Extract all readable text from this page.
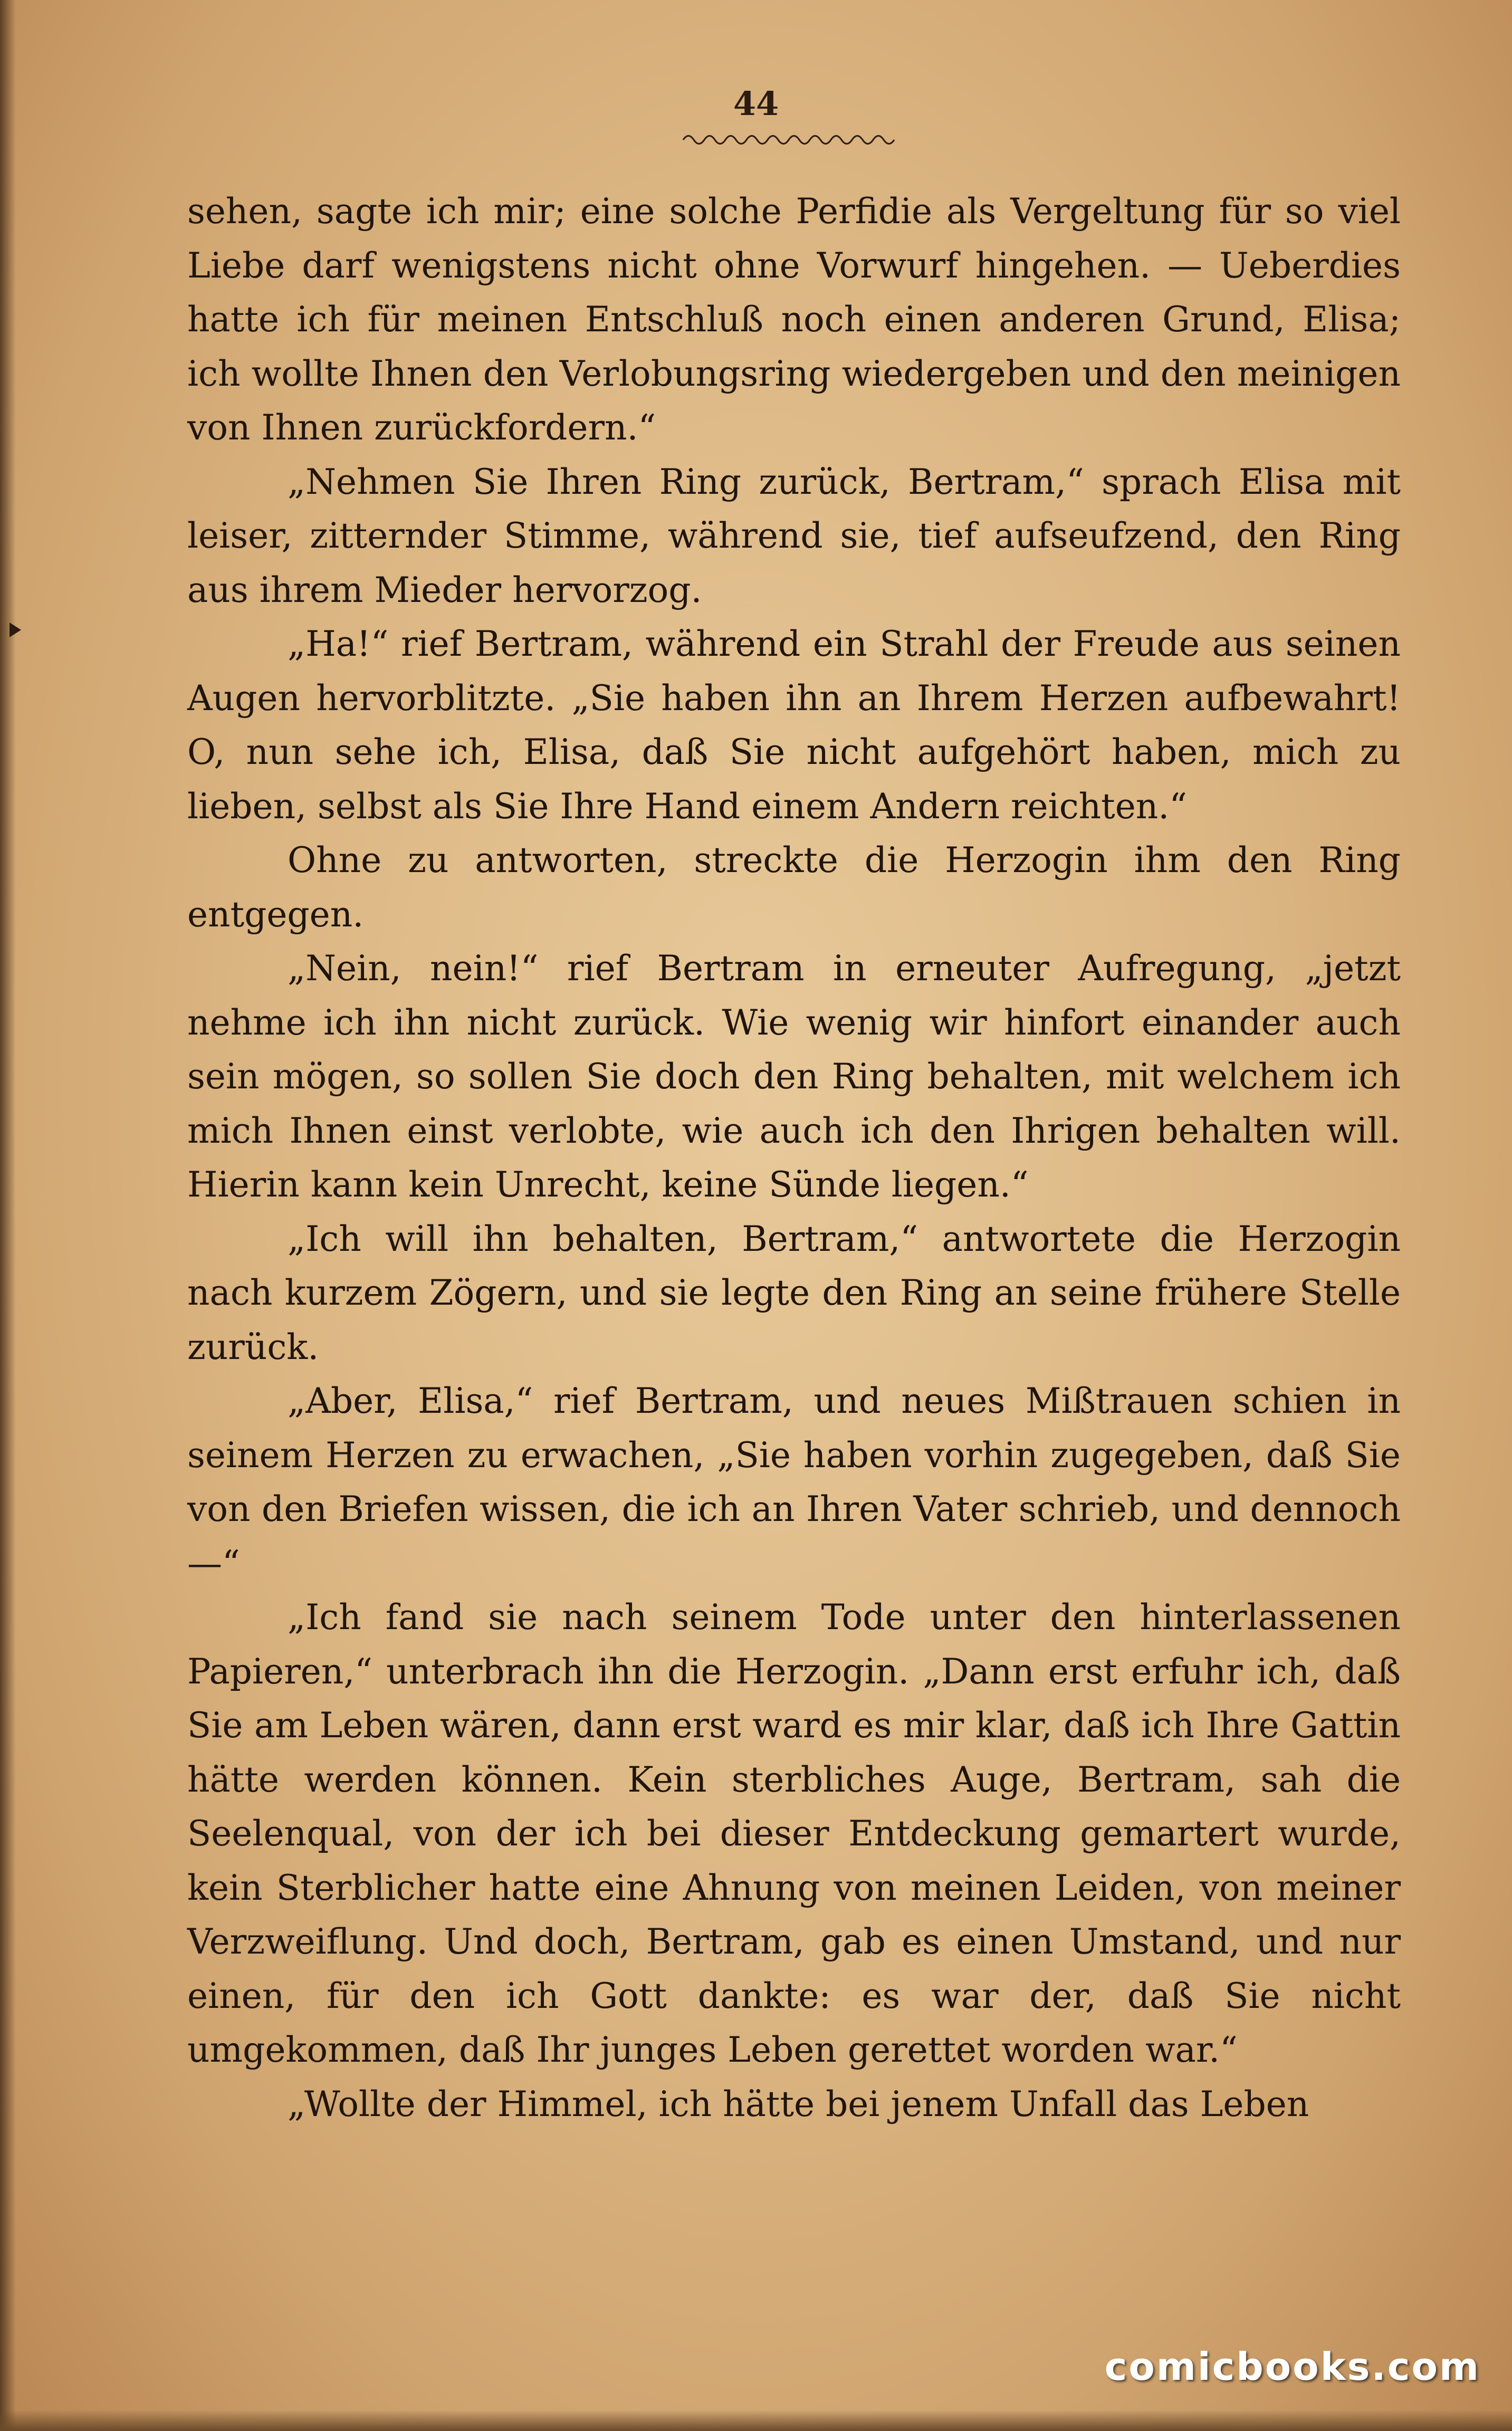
44

sehen, sagte ich mir; eine solche Perfidie als Vergeltung für so viel Liebe darf wenigstens nicht ohne Vorwurf hingehen. — Ueberdies hatte ich für meinen Entschluß noch einen anderen Grund, Elisa; ich wollte Ihnen den Verlobungsring wiedergeben und den meinigen von Ihnen zurückfordern.“

„Nehmen Sie Ihren Ring zurück, Bertram,“ sprach Elisa mit leiser, zitternder Stimme, während sie, tief aufseufzend, den Ring aus ihrem Mieder hervorzog.

„Ha!“ rief Bertram, während ein Strahl der Freude aus seinen Augen hervorblitzte. „Sie haben ihn an Ihrem Herzen aufbewahrt! O, nun sehe ich, Elisa, daß Sie nicht aufgehört haben, mich zu lieben, selbst als Sie Ihre Hand einem Andern reichten.“

Ohne zu antworten, streckte die Herzogin ihm den Ring entgegen.

„Nein, nein!“ rief Bertram in erneuter Aufregung, „jetzt nehme ich ihn nicht zurück. Wie wenig wir hinfort einander auch sein mögen, so sollen Sie doch den Ring behalten, mit welchem ich mich Ihnen einst verlobte, wie auch ich den Ihrigen behalten will. Hierin kann kein Unrecht, keine Sünde liegen.“

„Ich will ihn behalten, Bertram,“ antwortete die Herzogin nach kurzem Zögern, und sie legte den Ring an seine frühere Stelle zurück.

„Aber, Elisa,“ rief Bertram, und neues Mißtrauen schien in seinem Herzen zu erwachen, „Sie haben vorhin zugegeben, daß Sie von den Briefen wissen, die ich an Ihren Vater schrieb, und dennoch —“

„Ich fand sie nach seinem Tode unter den hinterlassenen Papieren,“ unterbrach ihn die Herzogin. „Dann erst erfuhr ich, daß Sie am Leben wären, dann erst ward es mir klar, daß ich Ihre Gattin hätte werden können. Kein sterbliches Auge, Bertram, sah die Seelenqual, von der ich bei dieser Entdeckung gemartert wurde, kein Sterblicher hatte eine Ahnung von meinen Leiden, von meiner Verzweiflung. Und doch, Bertram, gab es einen Umstand, und nur einen, für den ich Gott dankte: es war der, daß Sie nicht umgekommen, daß Ihr junges Leben gerettet worden war.“

„Wollte der Himmel, ich hätte bei jenem Unfall das Leben

comicbooks.com
